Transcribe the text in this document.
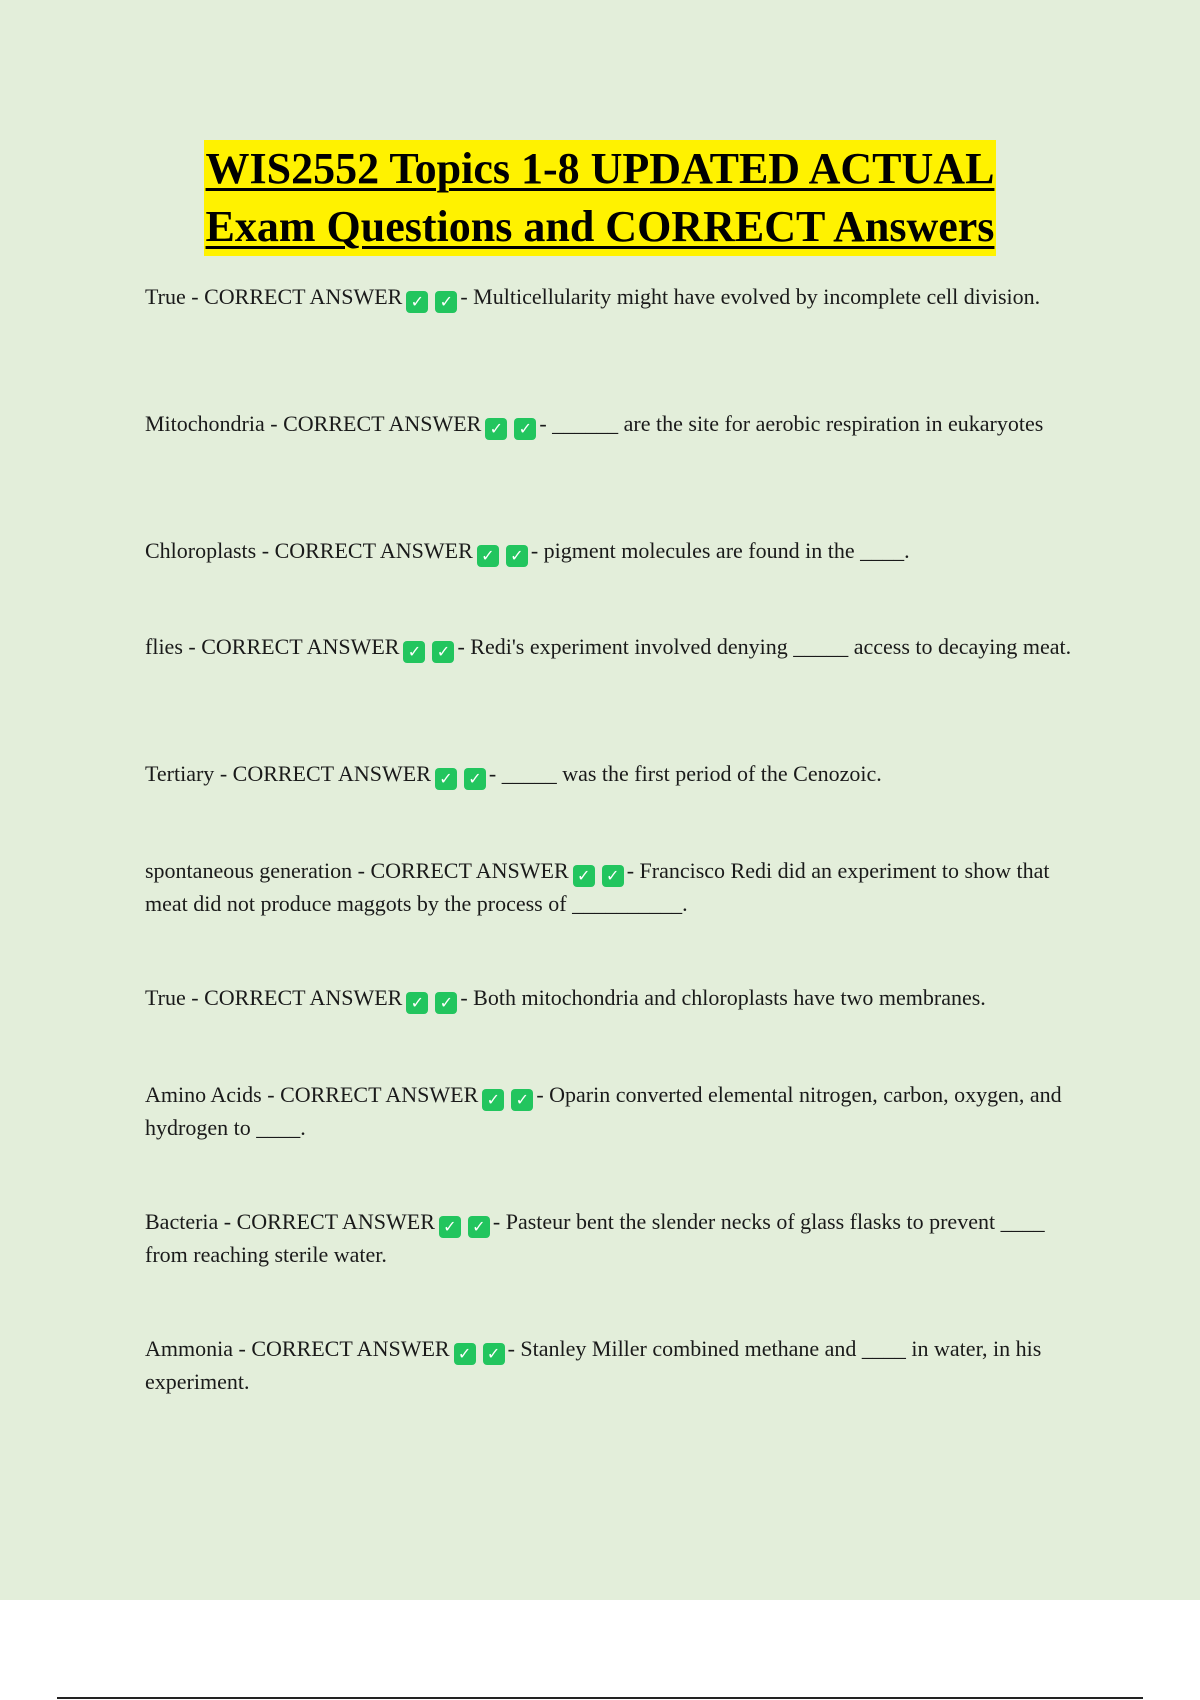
WIS2552 Topics 1-8 UPDATED ACTUAL
Exam Questions and CORRECT Answers
True - CORRECT ANSWER ✓ ✓ - Multicellularity might have evolved by incomplete cell division.
Mitochondria - CORRECT ANSWER ✓ ✓ - ______ are the site for aerobic respiration in eukaryotes
Chloroplasts - CORRECT ANSWER ✓ ✓ - pigment molecules are found in the ____.
flies - CORRECT ANSWER ✓ ✓ - Redi's experiment involved denying _____ access to decaying meat.
Tertiary - CORRECT ANSWER ✓ ✓ - _____ was the first period of the Cenozoic.
spontaneous generation - CORRECT ANSWER ✓ ✓ - Francisco Redi did an experiment to show that meat did not produce maggots by the process of __________.
True - CORRECT ANSWER ✓ ✓ - Both mitochondria and chloroplasts have two membranes.
Amino Acids - CORRECT ANSWER ✓ ✓ - Oparin converted elemental nitrogen, carbon, oxygen, and hydrogen to ____.
Bacteria - CORRECT ANSWER ✓ ✓ - Pasteur bent the slender necks of glass flasks to prevent ____ from reaching sterile water.
Ammonia - CORRECT ANSWER ✓ ✓ - Stanley Miller combined methane and ____ in water, in his experiment.
